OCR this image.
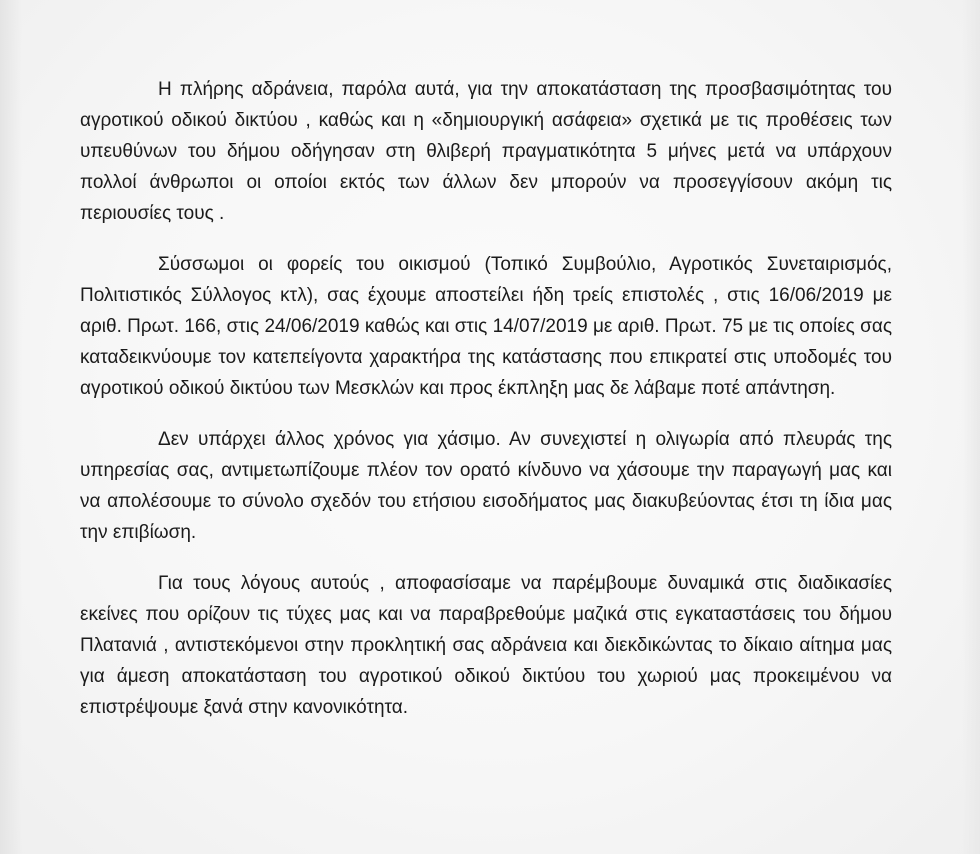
Η πλήρης αδράνεια, παρόλα αυτά, για την αποκατάσταση της προσβασιμότητας του αγροτικού οδικού δικτύου , καθώς και η «δημιουργική ασάφεια» σχετικά με τις προθέσεις των υπευθύνων του δήμου οδήγησαν στη θλιβερή πραγματικότητα 5 μήνες μετά να υπάρχουν πολλοί άνθρωποι οι οποίοι εκτός των άλλων δεν μπορούν να προσεγγίσουν ακόμη τις περιουσίες τους .

Σύσσωμοι οι φορείς του οικισμού (Τοπικό Συμβούλιο, Αγροτικός Συνεταιρισμός, Πολιτιστικός Σύλλογος κτλ), σας έχουμε αποστείλει ήδη τρείς επιστολές , στις 16/06/2019 με αριθ. Πρωτ. 166, στις 24/06/2019 καθώς και στις 14/07/2019 με αριθ. Πρωτ. 75 με τις οποίες σας καταδεικνύουμε τον κατεπείγοντα χαρακτήρα της κατάστασης που επικρατεί στις υποδομές του αγροτικού οδικού δικτύου των Μεσκλών και προς έκπληξη μας δε λάβαμε ποτέ απάντηση.

Δεν υπάρχει άλλος χρόνος για χάσιμο. Αν συνεχιστεί η ολιγωρία από πλευράς της υπηρεσίας σας, αντιμετωπίζουμε πλέον τον ορατό κίνδυνο να χάσουμε την παραγωγή μας και να απολέσουμε το σύνολο σχεδόν του ετήσιου εισοδήματος μας διακυβεύοντας έτσι τη ίδια μας την επιβίωση.

Για τους λόγους αυτούς , αποφασίσαμε να παρέμβουμε δυναμικά στις διαδικασίες εκείνες που ορίζουν τις τύχες μας και να παραβρεθούμε μαζικά στις εγκαταστάσεις του δήμου Πλατανιά , αντιστεκόμενοι στην προκλητική σας αδράνεια και διεκδικώντας το δίκαιο αίτημα μας για άμεση αποκατάσταση του αγροτικού οδικού δικτύου του χωριού μας προκειμένου να επιστρέψουμε ξανά στην κανονικότητα.
